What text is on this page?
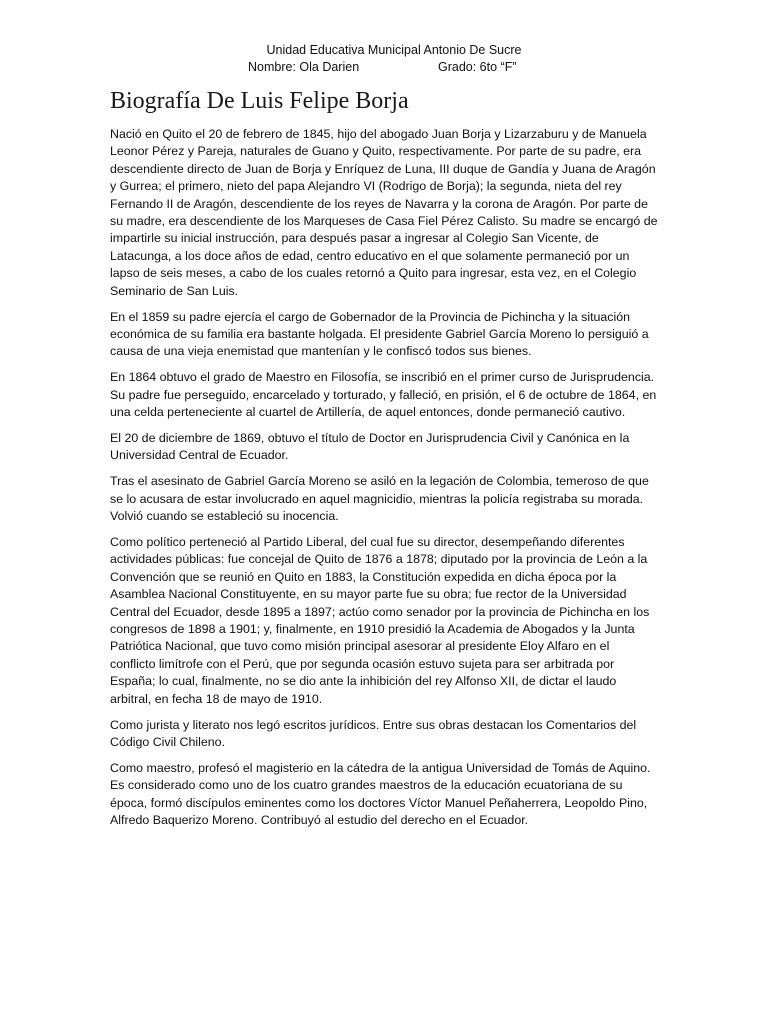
Unidad Educativa Municipal Antonio De Sucre
Nombre: Ola Darien	Grado: 6to “F”
Biografía De Luis Felipe Borja

Nació en Quito el 20 de febrero de 1845, hijo del abogado Juan Borja y Lizarzaburu y de Manuela Leonor Pérez y Pareja, naturales de Guano y Quito, respectivamente. Por parte de su padre, era descendiente directo de Juan de Borja y Enríquez de Luna, III duque de Gandía y Juana de Aragón y Gurrea; el primero, nieto del papa Alejandro VI (Rodrigo de Borja); la segunda, nieta del rey Fernando II de Aragón, descendiente de los reyes de Navarra y la corona de Aragón. Por parte de su madre, era descendiente de los Marqueses de Casa Fiel Pérez Calisto. Su madre se encargó de impartirle su inicial instrucción, para después pasar a ingresar al Colegio San Vicente, de Latacunga, a los doce años de edad, centro educativo en el que solamente permaneció por un lapso de seis meses, a cabo de los cuales retornó a Quito para ingresar, esta vez, en el Colegio Seminario de San Luis.

En el 1859 su padre ejercía el cargo de Gobernador de la Provincia de Pichincha y la situación económica de su familia era bastante holgada. El presidente Gabriel García Moreno lo persiguió a causa de una vieja enemistad que mantenían y le confiscó todos sus bienes.

En 1864 obtuvo el grado de Maestro en Filosofía, se inscribió en el primer curso de Jurisprudencia. Su padre fue perseguido, encarcelado y torturado, y falleció, en prisión, el 6 de octubre de 1864, en una celda perteneciente al cuartel de Artillería, de aquel entonces, donde permaneció cautivo.

El 20 de diciembre de 1869, obtuvo el título de Doctor en Jurisprudencia Civil y Canónica en la Universidad Central de Ecuador.

Tras el asesinato de Gabriel García Moreno se asiló en la legación de Colombia, temeroso de que se lo acusara de estar involucrado en aquel magnicidio, mientras la policía registraba su morada. Volvió cuando se estableció su inocencia.

Como político perteneció al Partido Liberal, del cual fue su director, desempeñando diferentes actividades públicas: fue concejal de Quito de 1876 a 1878; diputado por la provincia de León a la Convención que se reunió en Quito en 1883, la Constitución expedida en dicha época por la Asamblea Nacional Constituyente, en su mayor parte fue su obra; fue rector de la Universidad Central del Ecuador, desde 1895 a 1897; actúo como senador por la provincia de Pichincha en los congresos de 1898 a 1901; y, finalmente, en 1910 presidió la Academia de Abogados y la Junta Patriótica Nacional, que tuvo como misión principal asesorar al presidente Eloy Alfaro en el conflicto limítrofe con el Perú, que por segunda ocasión estuvo sujeta para ser arbitrada por España; lo cual, finalmente, no se dio ante la inhibición del rey Alfonso XII, de dictar el laudo arbitral, en fecha 18 de mayo de 1910.

Como jurista y literato nos legó escritos jurídicos. Entre sus obras destacan los Comentarios del Código Civil Chileno.

Como maestro, profesó el magisterio en la cátedra de la antigua Universidad de Tomás de Aquino. Es considerado como uno de los cuatro grandes maestros de la educación ecuatoriana de su época, formó discípulos eminentes como los doctores Víctor Manuel Peñaherrera, Leopoldo Pino, Alfredo Baquerizo Moreno. Contribuyó al estudio del derecho en el Ecuador.
